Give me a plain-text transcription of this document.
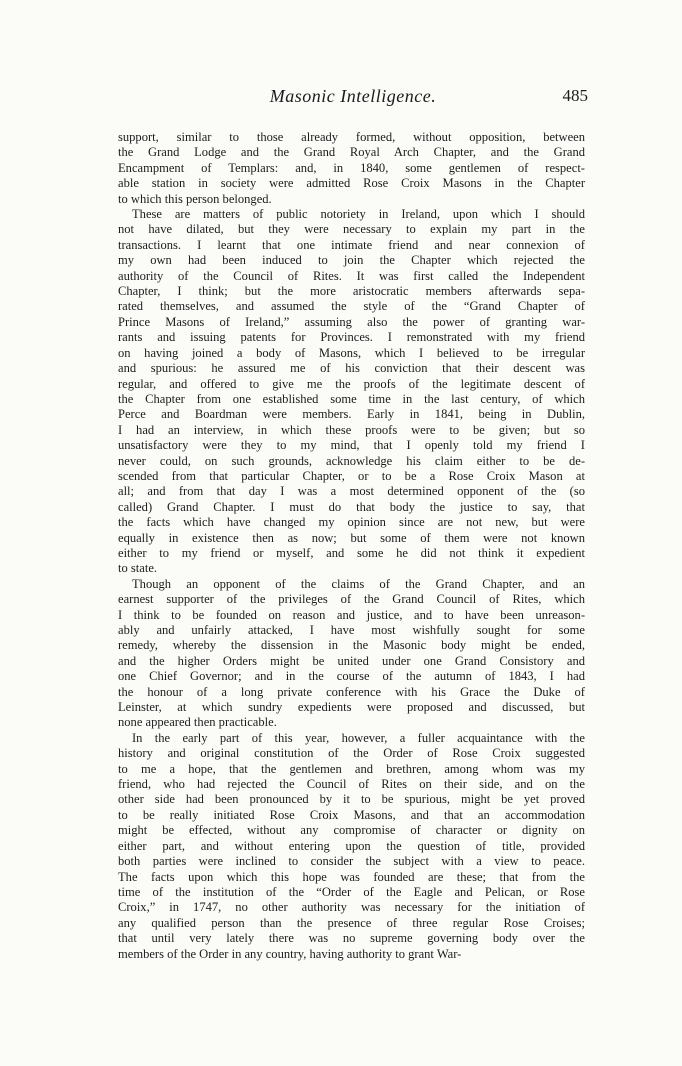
Masonic Intelligence.	485

support, similar to those already formed, without opposition, between
the Grand Lodge and the Grand Royal Arch Chapter, and the Grand
Encampment of Templars: and, in 1840, some gentlemen of respect-
able station in society were admitted Rose Croix Masons in the Chapter
to which this person belonged.

These are matters of public notoriety in Ireland, upon which I should
not have dilated, but they were necessary to explain my part in the
transactions. I learnt that one intimate friend and near connexion of
my own had been induced to join the Chapter which rejected the
authority of the Council of Rites. It was first called the Independent
Chapter, I think; but the more aristocratic members afterwards sepa-
rated themselves, and assumed the style of the “Grand Chapter of
Prince Masons of Ireland,” assuming also the power of granting war-
rants and issuing patents for Provinces. I remonstrated with my friend
on having joined a body of Masons, which I believed to be irregular
and spurious: he assured me of his conviction that their descent was
regular, and offered to give me the proofs of the legitimate descent of
the Chapter from one established some time in the last century, of which
Perce and Boardman were members. Early in 1841, being in Dublin,
I had an interview, in which these proofs were to be given; but so
unsatisfactory were they to my mind, that I openly told my friend I
never could, on such grounds, acknowledge his claim either to be de-
scended from that particular Chapter, or to be a Rose Croix Mason at
all; and from that day I was a most determined opponent of the (so
called) Grand Chapter. I must do that body the justice to say, that
the facts which have changed my opinion since are not new, but were
equally in existence then as now; but some of them were not known
either to my friend or myself, and some he did not think it expedient
to state.

Though an opponent of the claims of the Grand Chapter, and an
earnest supporter of the privileges of the Grand Council of Rites, which
I think to be founded on reason and justice, and to have been unreason-
ably and unfairly attacked, I have most wishfully sought for some
remedy, whereby the dissension in the Masonic body might be ended,
and the higher Orders might be united under one Grand Consistory and
one Chief Governor; and in the course of the autumn of 1843, I had
the honour of a long private conference with his Grace the Duke of
Leinster, at which sundry expedients were proposed and discussed, but
none appeared then practicable.

In the early part of this year, however, a fuller acquaintance with the
history and original constitution of the Order of Rose Croix suggested
to me a hope, that the gentlemen and brethren, among whom was my
friend, who had rejected the Council of Rites on their side, and on the
other side had been pronounced by it to be spurious, might be yet proved
to be really initiated Rose Croix Masons, and that an accommodation
might be effected, without any compromise of character or dignity on
either part, and without entering upon the question of title, provided
both parties were inclined to consider the subject with a view to peace.
The facts upon which this hope was founded are these; that from the
time of the institution of the “Order of the Eagle and Pelican, or Rose
Croix,” in 1747, no other authority was necessary for the initiation of
any qualified person than the presence of three regular Rose Croises;
that until very lately there was no supreme governing body over the
members of the Order in any country, having authority to grant War-
